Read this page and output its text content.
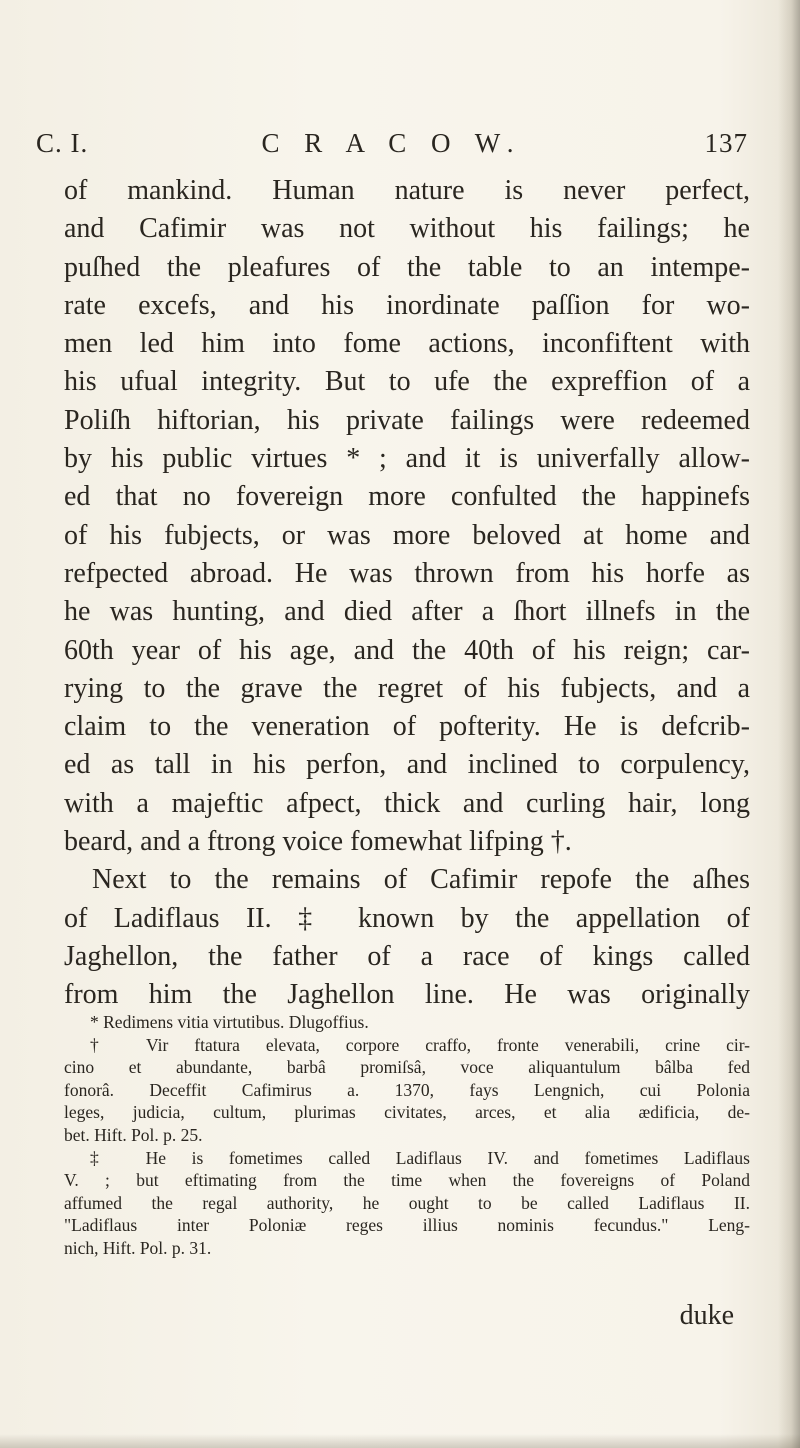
C. I.	C R A C O W.	137
of mankind. Human nature is never perfect,
and Cafimir was not without his failings; he
puſhed the pleafures of the table to an intempe-
rate excefs, and his inordinate paſſion for wo-
men led him into fome actions, inconfiftent with
his ufual integrity. But to ufe the expreffion of a
Poliſh hiftorian, his private failings were redeemed
by his public virtues * ; and it is univerfally allow-
ed that no fovereign more confulted the happinefs
of his fubjects, or was more beloved at home and
refpected abroad. He was thrown from his horfe as
he was hunting, and died after a ſhort illnefs in the
60th year of his age, and the 40th of his reign; car-
rying to the grave the regret of his fubjects, and a
claim to the veneration of pofterity. He is defcrib-
ed as tall in his perfon, and inclined to corpulency,
with a majeftic afpect, thick and curling hair, long
beard, and a ftrong voice fomewhat lifping †.
Next to the remains of Cafimir repofe the aſhes
of Ladiflaus II. ‡ known by the appellation of
Jaghellon, the father of a race of kings called
from him the Jaghellon line. He was originally
* Redimens vitia virtutibus. Dlugoffius.
† Vir ftatura elevata, corpore craffo, fronte venerabili, crine cir-
cino et abundante, barbâ promiſsâ, voce aliquantulum bâlba fed
fonorâ. Deceffit Cafimirus a. 1370, fays Lengnich, cui Polonia
leges, judicia, cultum, plurimas civitates, arces, et alia ædificia, de-
bet. Hift. Pol. p. 25.
‡ He is fometimes called Ladiflaus IV. and fometimes Ladiflaus
V. ; but eftimating from the time when the fovereigns of Poland
affumed the regal authority, he ought to be called Ladiflaus II.
"Ladiflaus inter Poloniæ reges illius nominis fecundus." Leng-
nich, Hift. Pol. p. 31.
duke
